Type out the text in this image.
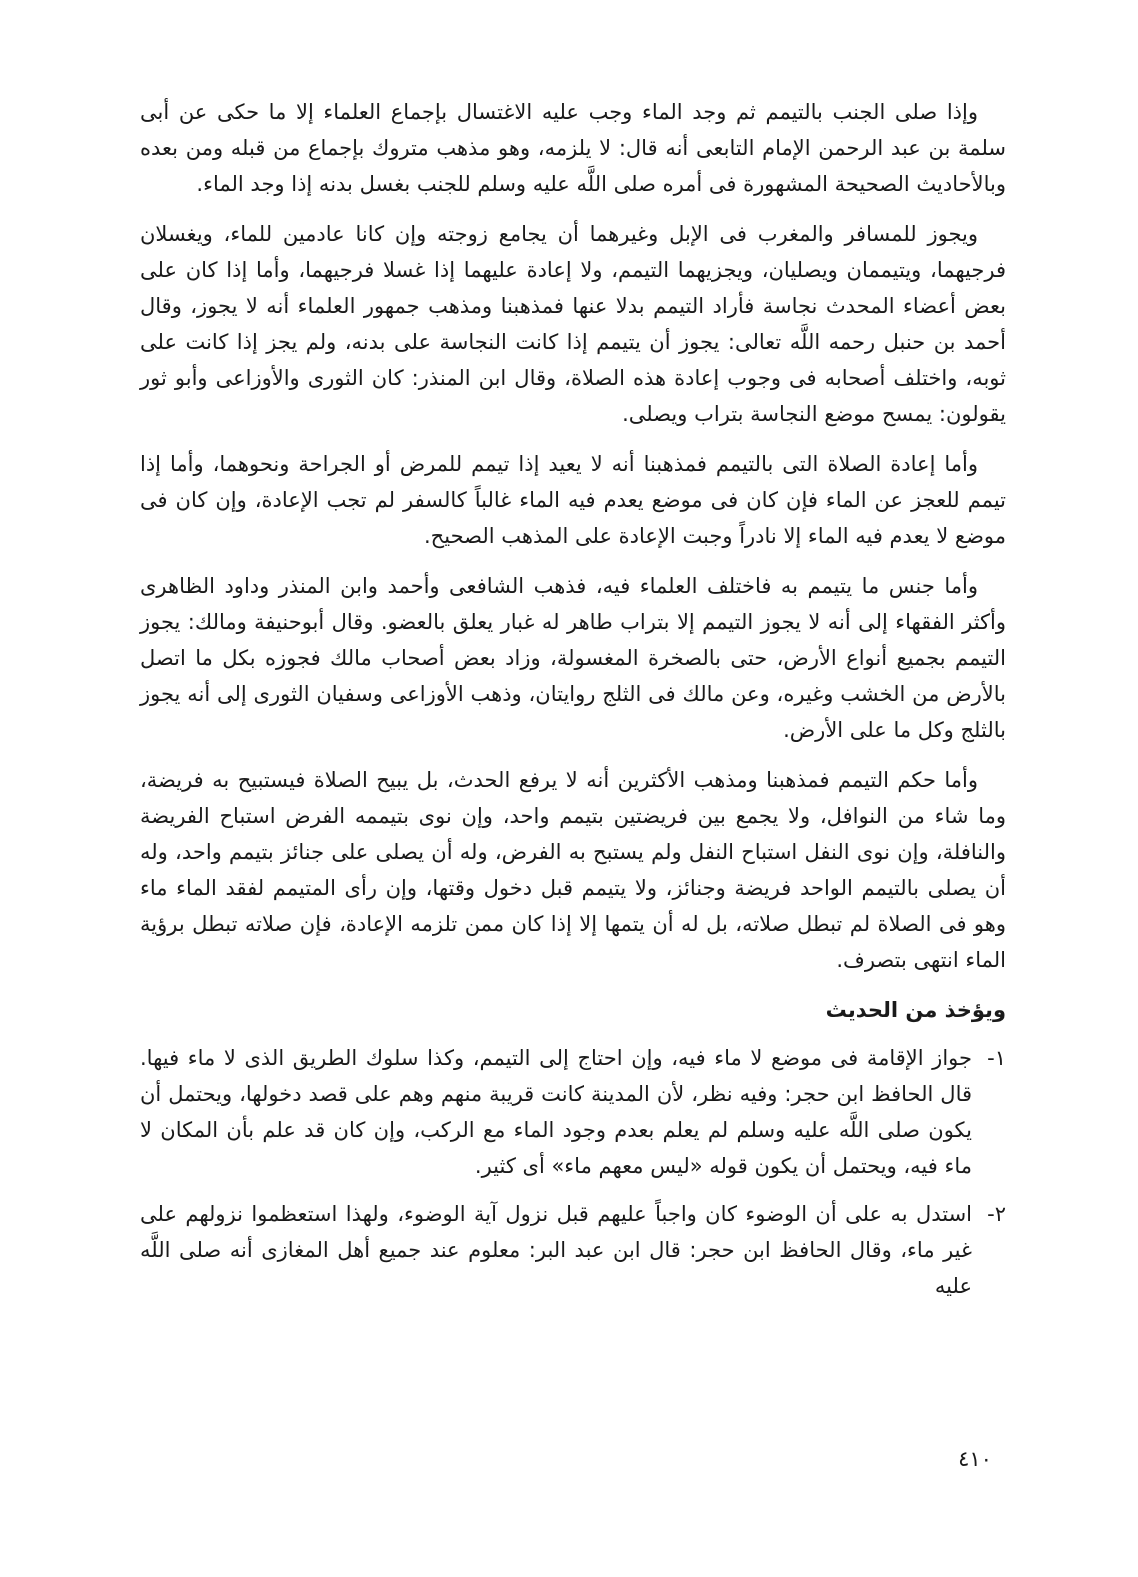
وإذا صلى الجنب بالتيمم ثم وجد الماء وجب عليه الاغتسال بإجماع العلماء إلا ما حكى عن أبى سلمة بن عبد الرحمن الإمام التابعى أنه قال: لا يلزمه، وهو مذهب متروك بإجماع من قبله ومن بعده وبالأحاديث الصحيحة المشهورة فى أمره صلى اللَّه عليه وسلم للجنب بغسل بدنه إذا وجد الماء.

ويجوز للمسافر والمغرب فى الإبل وغيرهما أن يجامع زوجته وإن كانا عادمين للماء، ويغسلان فرجيهما، ويتيممان ويصليان، ويجزيهما التيمم، ولا إعادة عليهما إذا غسلا فرجيهما، وأما إذا كان على بعض أعضاء المحدث نجاسة فأراد التيمم بدلا عنها فمذهبنا ومذهب جمهور العلماء أنه لا يجوز، وقال أحمد بن حنبل رحمه اللَّه تعالى: يجوز أن يتيمم إذا كانت النجاسة على بدنه، ولم يجز إذا كانت على ثوبه، واختلف أصحابه فى وجوب إعادة هذه الصلاة، وقال ابن المنذر: كان الثورى والأوزاعى وأبو ثور يقولون: يمسح موضع النجاسة بتراب ويصلى.

وأما إعادة الصلاة التى بالتيمم فمذهبنا أنه لا يعيد إذا تيمم للمرض أو الجراحة ونحوهما، وأما إذا تيمم للعجز عن الماء فإن كان فى موضع يعدم فيه الماء غالباً كالسفر لم تجب الإعادة، وإن كان فى موضع لا يعدم فيه الماء إلا نادراً وجبت الإعادة على المذهب الصحيح.

وأما جنس ما يتيمم به فاختلف العلماء فيه، فذهب الشافعى وأحمد وابن المنذر وداود الظاهرى وأكثر الفقهاء إلى أنه لا يجوز التيمم إلا بتراب طاهر له غبار يعلق بالعضو. وقال أبوحنيفة ومالك: يجوز التيمم بجميع أنواع الأرض، حتى بالصخرة المغسولة، وزاد بعض أصحاب مالك فجوزه بكل ما اتصل بالأرض من الخشب وغيره، وعن مالك فى الثلج روايتان، وذهب الأوزاعى وسفيان الثورى إلى أنه يجوز بالثلج وكل ما على الأرض.

وأما حكم التيمم فمذهبنا ومذهب الأكثرين أنه لا يرفع الحدث، بل يبيح الصلاة فيستبيح به فريضة، وما شاء من النوافل، ولا يجمع بين فريضتين بتيمم واحد، وإن نوى بتيممه الفرض استباح الفريضة والنافلة، وإن نوى النفل استباح النفل ولم يستبح به الفرض، وله أن يصلى على جنائز بتيمم واحد، وله أن يصلى بالتيمم الواحد فريضة وجنائز، ولا يتيمم قبل دخول وقتها، وإن رأى المتيمم لفقد الماء ماء وهو فى الصلاة لم تبطل صلاته، بل له أن يتمها إلا إذا كان ممن تلزمه الإعادة، فإن صلاته تبطل برؤية الماء انتهى بتصرف.

ويؤخذ من الحديث
١-
جواز الإقامة فى موضع لا ماء فيه، وإن احتاج إلى التيمم، وكذا سلوك الطريق الذى لا ماء فيها. قال الحافظ ابن حجر: وفيه نظر، لأن المدينة كانت قريبة منهم وهم على قصد دخولها، ويحتمل أن يكون صلى اللَّه عليه وسلم لم يعلم بعدم وجود الماء مع الركب، وإن كان قد علم بأن المكان لا ماء فيه، ويحتمل أن يكون قوله «ليس معهم ماء» أى كثير.
٢-
استدل به على أن الوضوء كان واجباً عليهم قبل نزول آية الوضوء، ولهذا استعظموا نزولهم على غير ماء، وقال الحافظ ابن حجر: قال ابن عبد البر: معلوم عند جميع أهل المغازى أنه صلى اللَّه عليه
٤١٠
